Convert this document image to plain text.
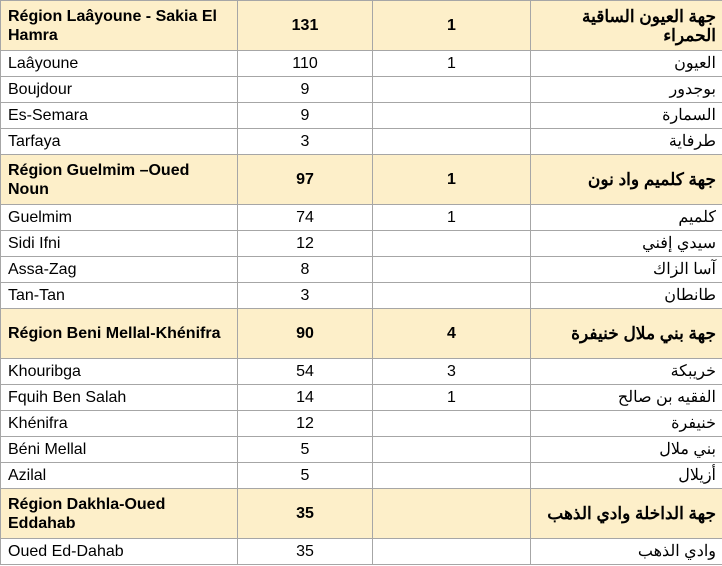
Région Laâyoune - Sakia El Hamra	131	1	جهة العيون الساقية الحمراء
Laâyoune	110	1	العيون
Boujdour	9		بوجدور
Es-Semara	9		السمارة
Tarfaya	3		طرفاية
Région Guelmim –Oued Noun	97	1	جهة كلميم واد نون
Guelmim	74	1	كلميم
Sidi Ifni	12		سيدي إفني
Assa-Zag	8		آسا الزاك
Tan-Tan	3		طانطان
Région Beni Mellal-Khénifra	90	4	جهة بني ملال خنيفرة
Khouribga	54	3	خريبكة
Fquih Ben Salah	14	1	الفقيه بن صالح
Khénifra	12		خنيفرة
Béni Mellal	5		بني ملال
Azilal	5		أزيلال
Région Dakhla-Oued Eddahab	35		جهة الداخلة وادي الذهب
Oued Ed-Dahab	35		وادي الذهب
